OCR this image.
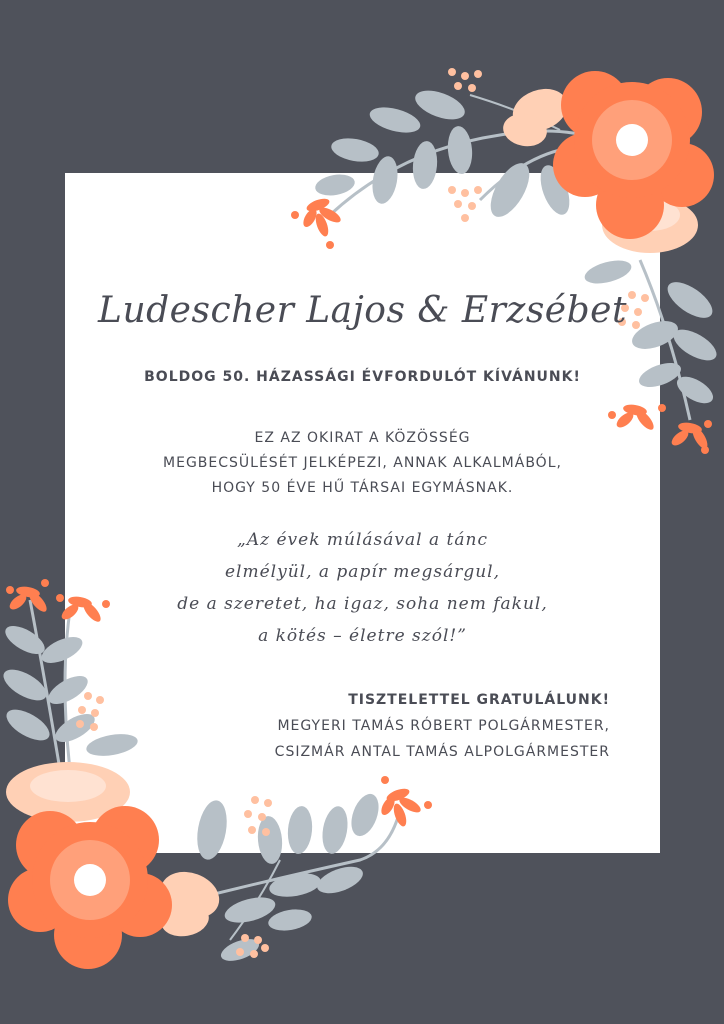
Ludescher Lajos & Erzsébet
BOLDOG 50. HÁZASSÁGI ÉVFORDULÓT KÍVÁNUNK!
EZ AZ OKIRAT A KÖZÖSSÉG
MEGBECSÜLÉSÉT JELKÉPEZI, ANNAK ALKALMÁBÓL,
HOGY 50 ÉVE HŰ TÁRSAI EGYMÁSNAK.
„Az évek múlásával a tánc
elmélyül, a papír megsárgul,
de a szeretet, ha igaz, soha nem fakul,
a kötés – életre szól!”
TISZTELETTEL GRATULÁLUNK!
MEGYERI TAMÁS RÓBERT POLGÁRMESTER,
CSIZMÁR ANTAL TAMÁS ALPOLGÁRMESTER
